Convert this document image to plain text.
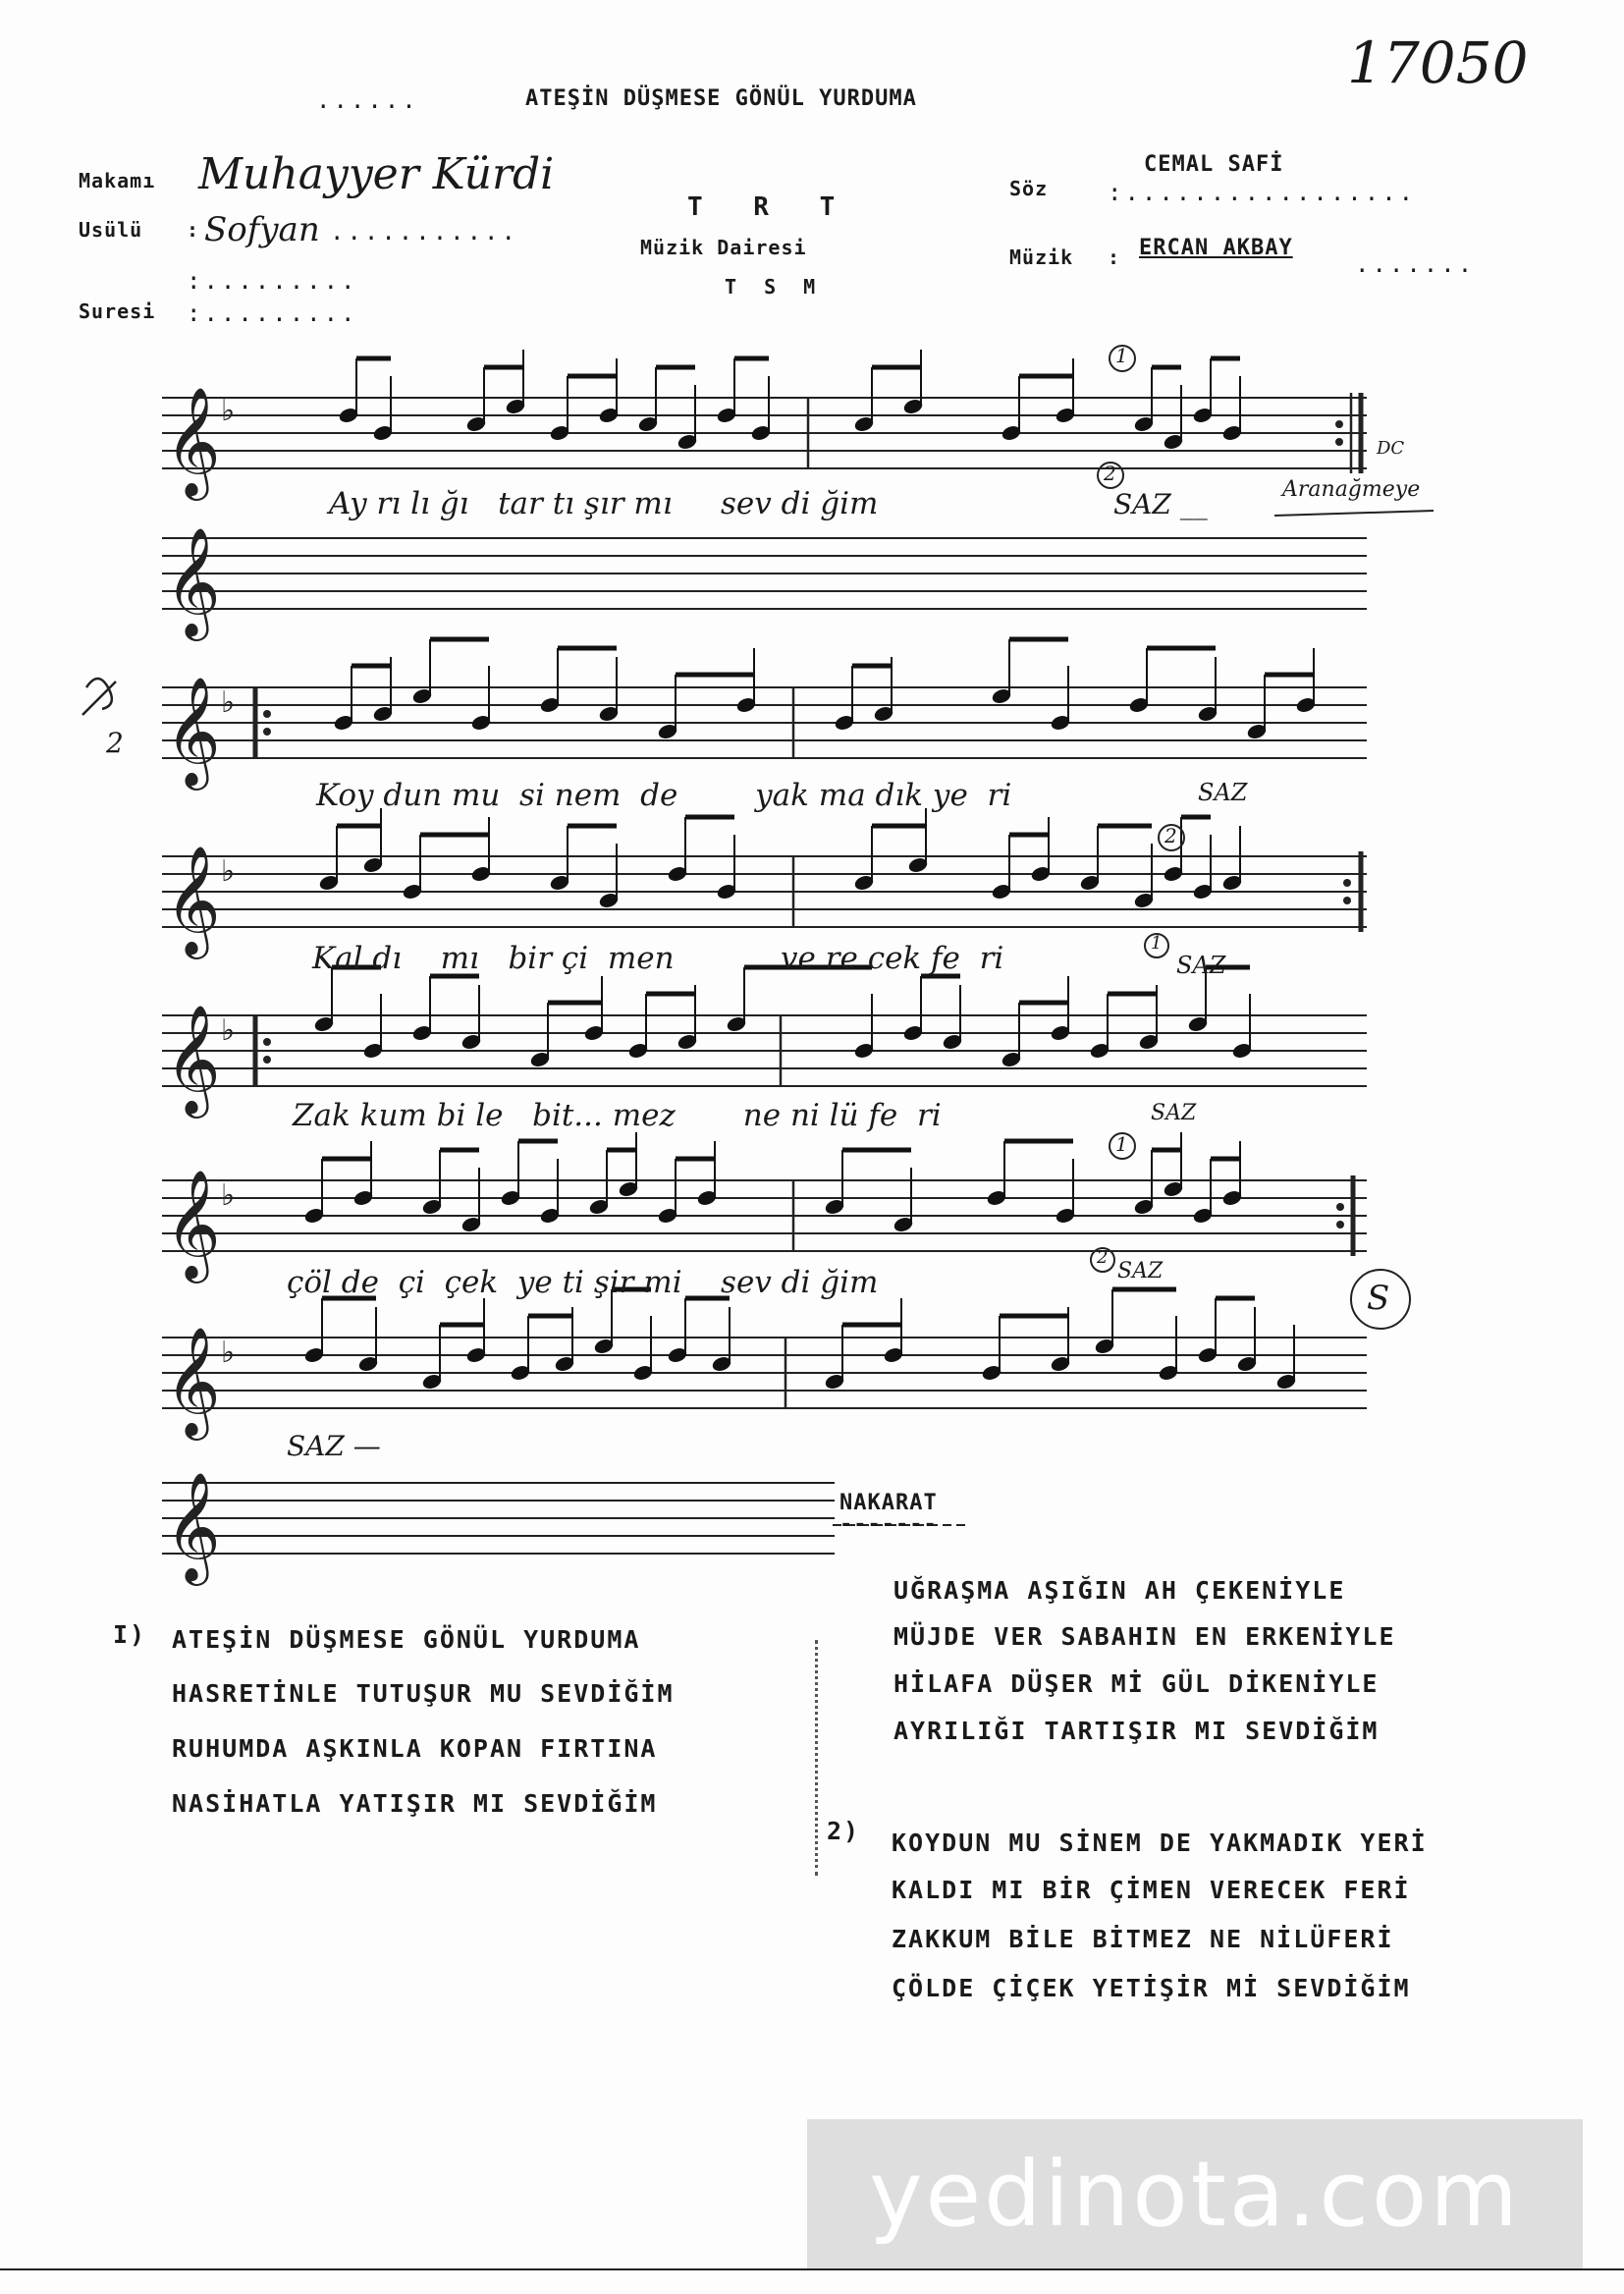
17050
......	ATEŞİN DÜŞMESE GÖNÜL YURDUMA
Makamı Muhayyer Kürdi
Usülü : Sofyan ...........
:.........
Suresi :.........
T R T
Müzik Dairesi
T S M
CEMAL SAFİ
Söz	:.................
Müzik : ERCAN AKBAY
.......
𝄞
𝄞
𝄞
𝄞
𝄞
𝄞
𝄞
𝄞
♭
♭
♭
♭
♭
♭
Ay rı lı ğı   tar tı şır mı     sev di ğim
Koy dun mu  si nem  de        yak ma dık ye  ri
Kal dı    mı   bir çi  men           ve re cek fe  ri
Zak kum bi le   bit... mez       ne ni lü fe  ri
çöl de  çi  çek  ye ti şir mi    sev di ğim
SAZ __	Aranağmeye
DC
SAZ
SAZ
SAZ
SAZ
SAZ —
2
1
2
2
1
1
2
S
NAKARAT
-------
UĞRAŞMA AŞIĞIN AH ÇEKENİYLE
MÜJDE VER SABAHIN EN ERKENİYLE
HİLAFA DÜŞER Mİ GÜL DİKENİYLE
AYRILIĞI TARTIŞIR MI SEVDİĞİM
I) ATEŞİN DÜŞMESE GÖNÜL YURDUMA
HASRETİNLE TUTUŞUR MU SEVDİĞİM
RUHUMDA AŞKINLA KOPAN FIRTINA
NASİHATLA YATIŞIR MI SEVDİĞİM
2) KOYDUN MU SİNEM DE YAKMADIK YERİ
KALDI MI BİR ÇİMEN VERECEK FERİ
ZAKKUM BİLE BİTMEZ NE NİLÜFERİ
ÇÖLDE ÇİÇEK YETİŞİR Mİ SEVDİĞİM
yedinota.com
